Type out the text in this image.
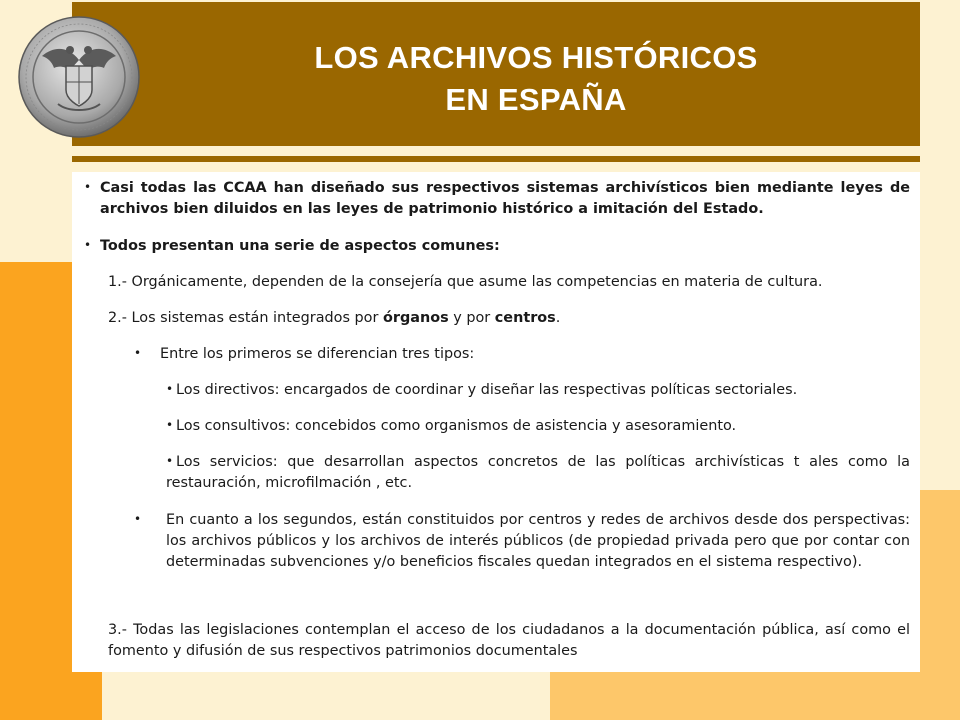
LOS ARCHIVOS HISTÓRICOS
EN ESPAÑA
• Casi todas las CCAA han diseñado sus respectivos sistemas archivísticos bien mediante leyes de archivos bien diluidos en las leyes de patrimonio histórico a imitación del Estado.
• Todos presentan una serie de aspectos comunes:
1.- Orgánicamente, dependen de la consejería que asume las competencias en materia de cultura.
2.- Los sistemas están integrados por órganos y por centros.
• Entre los primeros se diferencian tres tipos:
• Los directivos: encargados de coordinar y diseñar las respectivas políticas sectoriales.
• Los consultivos: concebidos como organismos de asistencia y asesoramiento.
• Los servicios: que desarrollan aspectos concretos de las políticas archivísticas t ales como la restauración, microfilmación , etc.
• En cuanto a los segundos, están constituidos por centros y redes de archivos desde dos perspectivas: los archivos públicos y los archivos de interés públicos (de propiedad privada pero que por contar con determinadas subvenciones y/o beneficios fiscales quedan integrados en el sistema respectivo).
3.- Todas las legislaciones contemplan el acceso de los ciudadanos a la documentación pública, así como el fomento y difusión de sus respectivos patrimonios documentales
